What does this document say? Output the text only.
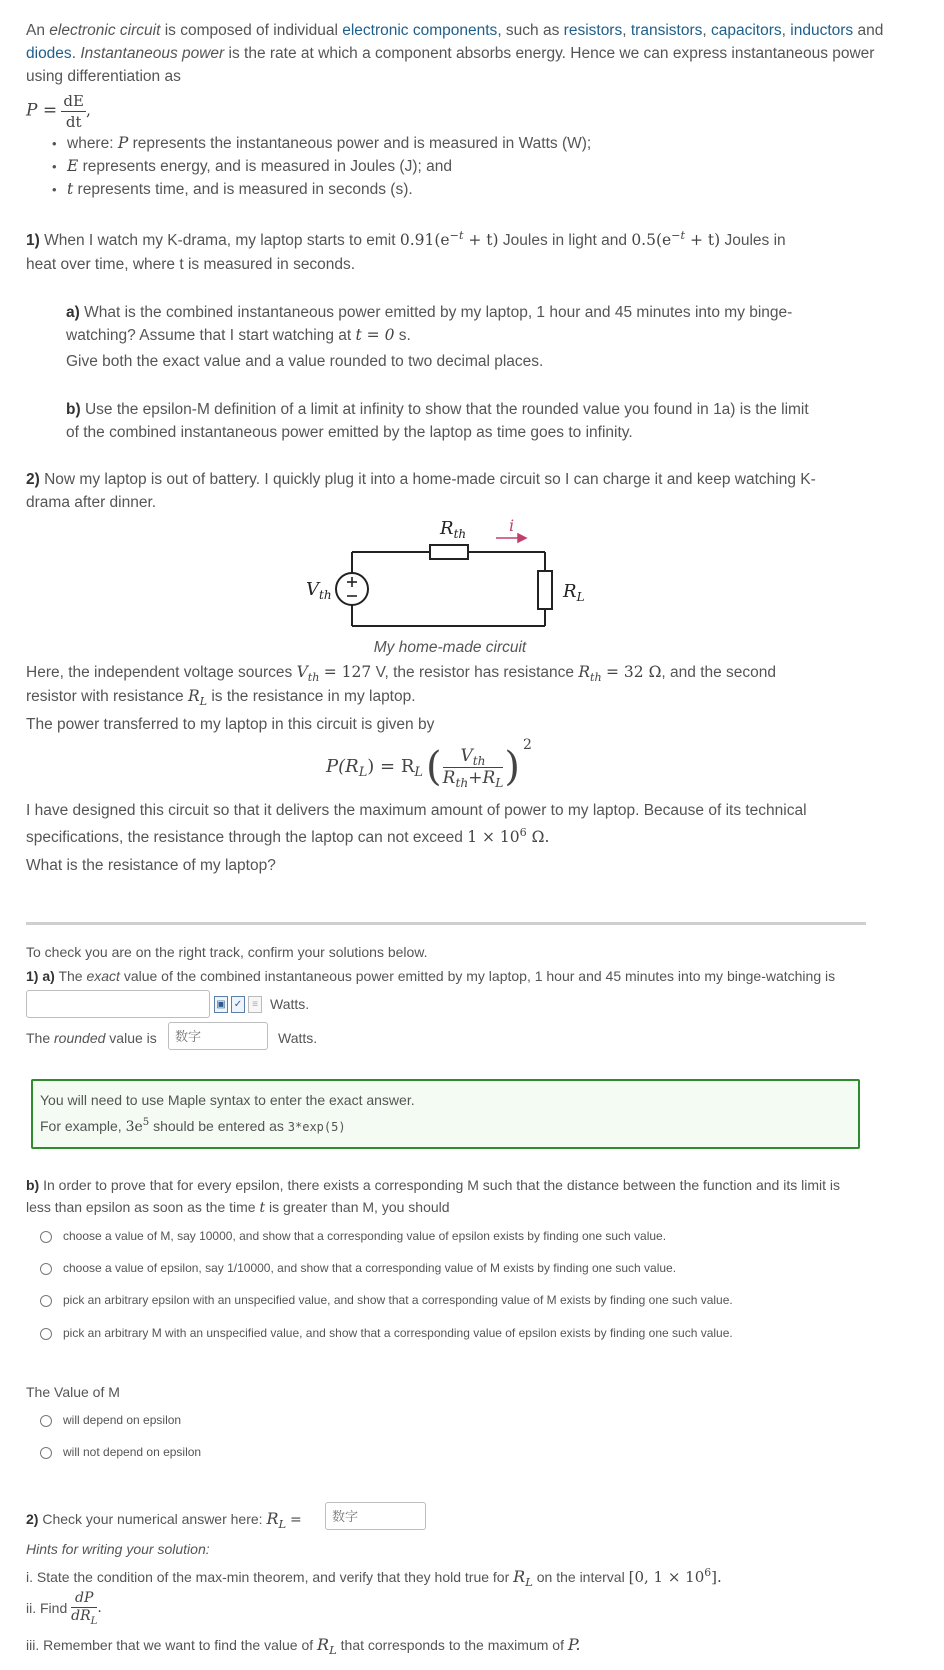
An electronic circuit is composed of individual electronic components, such as resistors, transistors, capacitors, inductors and diodes. Instantaneous power is the rate at which a component absorbs energy. Hence we can express instantaneous power using differentiation as

$P = \frac{dE}{dt}$ ,
• where: P represents the instantaneous power and is measured in Watts (W);
• E represents energy, and is measured in Joules (J); and
• t represents time, and is measured in seconds (s).

1) When I watch my K-drama, my laptop starts to emit $0.91(e^{-t} + t)$ Joules in light and $0.5(e^{-t} + t)$ Joules in
heat over time, where t is measured in seconds.

a) What is the combined instantaneous power emitted by my laptop, 1 hour and 45 minutes into my binge-
watching? Assume that I start watching at t = 0 s.

Give both the exact value and a value rounded to two decimal places.

b) Use the epsilon-M definition of a limit at infinity to show that the rounded value you found in 1a) is the limit
of the combined instantaneous power emitted by the laptop as time goes to infinity.

2) Now my laptop is out of battery. I quickly plug it into a home-made circuit so I can charge it and keep watching K-
drama after dinner.

$R_{th}$	i
$V_{th}$	$R_L$
My home-made circuit

Here, the independent voltage sources $V_{th} = 127$ V, the resistor has resistance $R_{th} = 32$ Ω, and the second
resistor with resistance $R_L$ is the resistance in my laptop.

The power transferred to my laptop in this circuit is given by

$P(R_L) = R_L$ ( $\frac{V_{th}}{R_{th}+R_L}$ ) 2

I have designed this circuit so that it delivers the maximum amount of power to my laptop. Because of its technical
specifications, the resistance through the laptop can not exceed $1 \times 10^6$ Ω.
What is the resistance of my laptop?

To check you are on the right track, confirm your solutions below.

1) a) The exact value of the combined instantaneous power emitted by my laptop, 1 hour and 45 minutes into my binge-watching is

▣ ✓ ≡ Watts.

The rounded value is

数字	Watts.
You will need to use Maple syntax to enter the exact answer.
For example, $3e^5$ should be entered as 3*exp(5)

b) In order to prove that for every epsilon, there exists a corresponding M such that the distance between the function and its limit is
less than epsilon as soon as the time t is greater than M, you should

choose a value of M, say 10000, and show that a corresponding value of epsilon exists by finding one such value.
choose a value of epsilon, say 1/10000, and show that a corresponding value of M exists by finding one such value.
pick an arbitrary epsilon with an unspecified value, and show that a corresponding value of M exists by finding one such value.
pick an arbitrary M with an unspecified value, and show that a corresponding value of epsilon exists by finding one such value.

The Value of M

will depend on epsilon
will not depend on epsilon

2) Check your numerical answer here: $R_L$ =

数字

Hints for writing your solution:

i. State the condition of the max-min theorem, and verify that they hold true for $R_L$ on the interval [0, $1 \times 10^6$].

ii. Find
$\frac{dP}{dR_L}$ .

iii. Remember that we want to find the value of $R_L$ that corresponds to the maximum of P.
